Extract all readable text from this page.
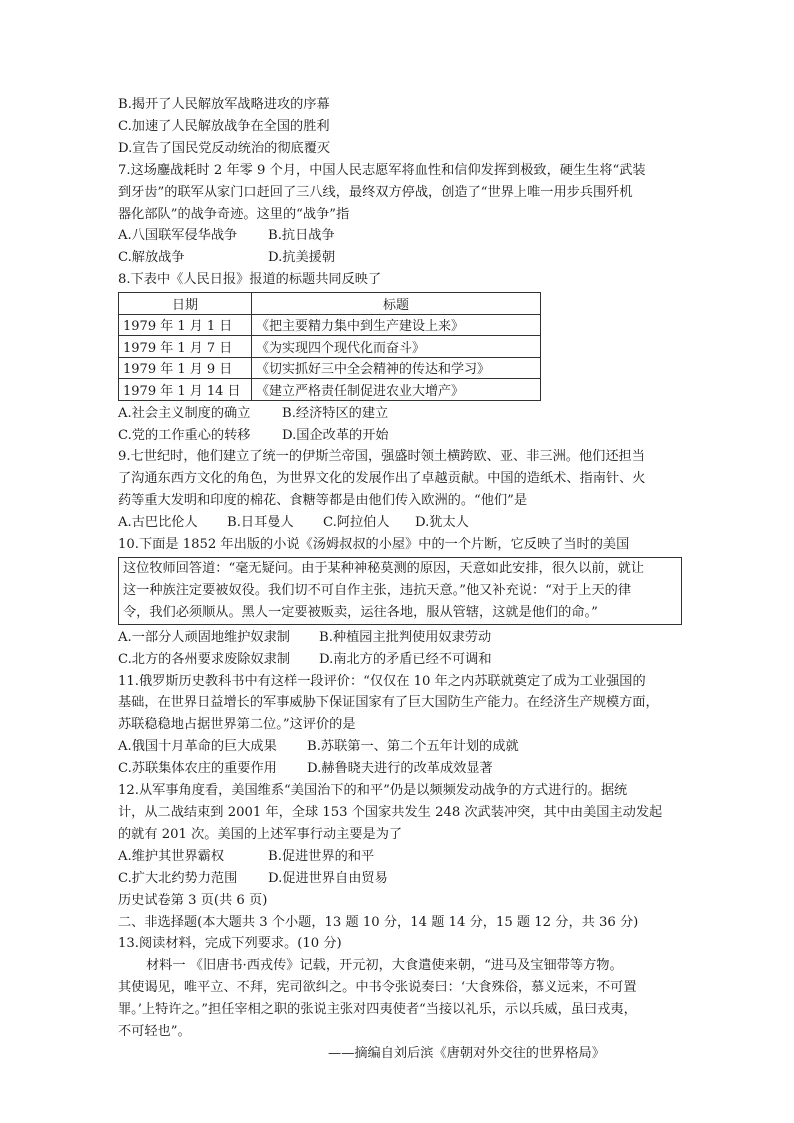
B.揭开了人民解放军战略进攻的序幕
C.加速了人民解放战争在全国的胜利
D.宣告了国民党反动统治的彻底覆灭
7.这场鏖战耗时 2 年零 9 个月，中国人民志愿军将血性和信仰发挥到极致，硬生生将“武装
到牙齿”的联军从家门口赶回了三八线，最终双方停战，创造了“世界上唯一用步兵围歼机
器化部队”的战争奇迹。这里的“战争”指
A.八国联军侵华战争 B.抗日战争
C.解放战争	D.抗美援朝
8.下表中《人民日报》报道的标题共同反映了
日期	标题
1979 年 1 月 1 日	《把主要精力集中到生产建设上来》
1979 年 1 月 7 日	《为实现四个现代化而奋斗》
1979 年 1 月 9 日	《切实抓好三中全会精神的传达和学习》
1979 年 1 月 14 日	《建立严格责任制促进农业大增产》
A.社会主义制度的确立 B.经济特区的建立
C.党的工作重心的转移 D.国企改革的开始
9.七世纪时，他们建立了统一的伊斯兰帝国，强盛时领土横跨欧、亚、非三洲。他们还担当
了沟通东西方文化的角色，为世界文化的发展作出了卓越贡献。中国的造纸术、指南针、火
药等重大发明和印度的棉花、食糖等都是由他们传入欧洲的。“他们”是
A.古巴比伦人 B.日耳曼人 C.阿拉伯人 D.犹太人
10.下面是 1852 年出版的小说《汤姆叔叔的小屋》中的一个片断，它反映了当时的美国
这位牧师回答道：“毫无疑问。由于某种神秘莫测的原因，天意如此安排，很久以前，就让
这一种族注定要被奴役。我们切不可自作主张，违抗天意。”他又补充说：“对于上天的律
令，我们必须顺从。黑人一定要被贩卖，运往各地，服从管辖，这就是他们的命。”
A.一部分人顽固地维护奴隶制 B.种植园主批判使用奴隶劳动
C.北方的各州要求废除奴隶制 D.南北方的矛盾已经不可调和
11.俄罗斯历史教科书中有这样一段评价：“仅仅在 10 年之内苏联就奠定了成为工业强国的
基础，在世界日益增长的军事威胁下保证国家有了巨大国防生产能力。在经济生产规模方面，
苏联稳稳地占据世界第二位。”这评价的是
A.俄国十月革命的巨大成果 B.苏联第一、第二个五年计划的成就
C.苏联集体农庄的重要作用 D.赫鲁晓夫进行的改革成效显著
12.从军事角度看，美国维系“美国治下的和平”仍是以频频发动战争的方式进行的。据统
计，从二战结束到 2001 年，全球 153 个国家共发生 248 次武装冲突，其中由美国主动发起
的就有 201 次。美国的上述军事行动主要是为了
A.维护其世界霸权	B.促进世界的和平
C.扩大北约势力范围 D.促进世界自由贸易
历史试卷第 3 页(共 6 页)
二、非选择题(本大题共 3 个小题，13 题 10 分，14 题 14 分，15 题 12 分，共 36 分)
13.阅读材料，完成下列要求。(10 分)
材料一 《旧唐书·西戎传》记载，开元初，大食遣使来朝，“进马及宝钿带等方物。
其使谒见，唯平立、不拜，宪司欲纠之。中书令张说奏曰：‘大食殊俗，慕义远来，不可置
罪。’上特许之。”担任宰相之职的张说主张对四夷使者“当接以礼乐，示以兵威，虽曰戎夷，
不可轻也”。
——摘编自刘后滨《唐朝对外交往的世界格局》
